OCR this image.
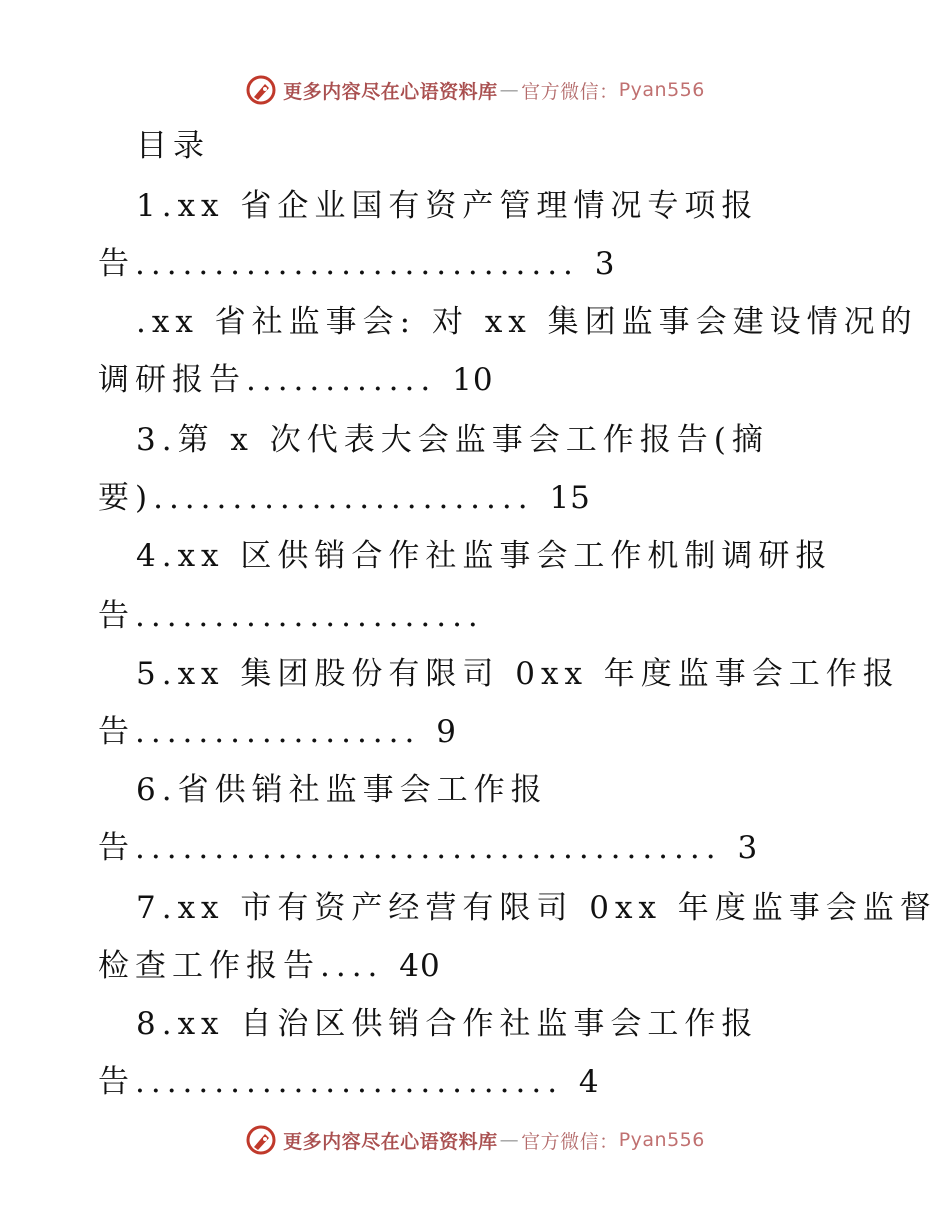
更多内容尽在心语资料库 — 官方微信： Pyan556
目录
1.xx 省企业国有资产管理情况专项报
告............................ 3
.xx 省社监事会: 对 xx 集团监事会建设情况的
调研报告............ 10
3.第 x 次代表大会监事会工作报告(摘
要)........................ 15
4.xx 区供销合作社监事会工作机制调研报
告......................
5.xx 集团股份有限司 0xx 年度监事会工作报
告.................. 9
6.省供销社监事会工作报
告..................................... 3
7.xx 市有资产经营有限司 0xx 年度监事会监督
检查工作报告.... 40
8.xx 自治区供销合作社监事会工作报
告........................... 4
更多内容尽在心语资料库 — 官方微信： Pyan556
